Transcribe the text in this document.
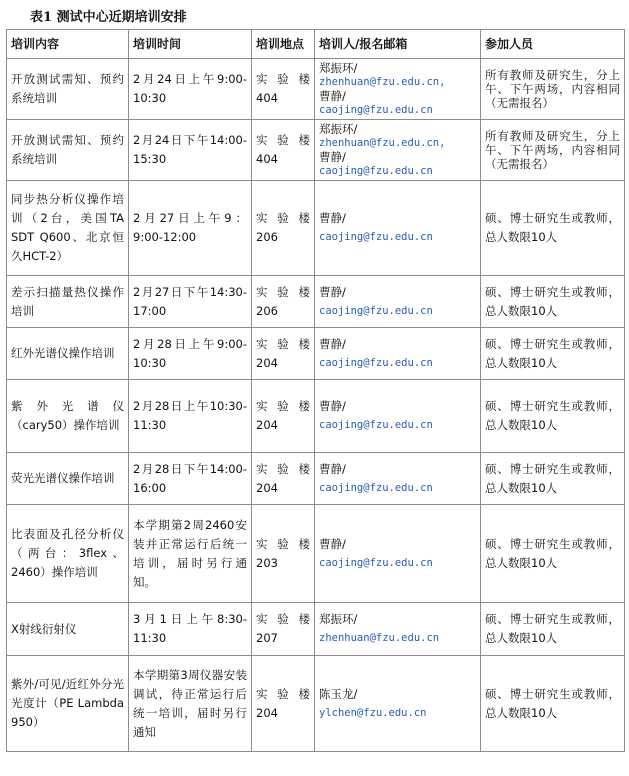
表1 测试中心近期培训安排
培训内容	培训时间	培训地点	培训人/报名邮箱	参加人员
开放测试需知、预约系统培训	2月24日上午9:00-10:30	实验楼404	郑振环/
zhenhuan@fzu.edu.cn,
曹静/
caojing@fzu.edu.cn	所有教师及研究生，分上午、下午两场，内容相同（无需报名）
开放测试需知、预约系统培训	2月24日下午14:00-15:30	实验楼404	郑振环/
zhenhuan@fzu.edu.cn,
曹静/
caojing@fzu.edu.cn	所有教师及研究生，分上午、下午两场，内容相同（无需报名）
同步热分析仪操作培训（2台，美国TA SDT Q600、北京恒久HCT-2）	2月27日上午9：9:00-12:00	实验楼206	曹静/
caojing@fzu.edu.cn	硕、博士研究生或教师，总人数限10人
差示扫描量热仪操作培训	2月27日下午14:30-17:00	实验楼206	曹静/
caojing@fzu.edu.cn	硕、博士研究生或教师，总人数限10人
红外光谱仪操作培训	2月28日上午9:00-10:30	实验楼204	曹静/
caojing@fzu.edu.cn	硕、博士研究生或教师，总人数限10人
紫外光谱仪（cary50）操作培训	2月28日上午10:30-11:30	实验楼204	曹静/
caojing@fzu.edu.cn	硕、博士研究生或教师，总人数限10人
荧光光谱仪操作培训	2月28日下午14:00-16:00	实验楼204	曹静/
caojing@fzu.edu.cn	硕、博士研究生或教师，总人数限10人
比表面及孔径分析仪（两台：3flex、2460）操作培训	本学期第2周2460安装并正常运行后统一培训，届时另行通知。	实验楼203	曹静/
caojing@fzu.edu.cn	硕、博士研究生或教师，总人数限10人
X射线衍射仪	3月1日上午8:30-11:30	实验楼207	郑振环/
zhenhuan@fzu.edu.cn	硕、博士研究生或教师，总人数限10人
紫外/可见/近红外分光光度计（PE Lambda 950）	本学期第3周仪器安装调试，待正常运行后统一培训，届时另行通知	实验楼204	陈玉龙/
ylchen@fzu.edu.cn	硕、博士研究生或教师，总人数限10人
